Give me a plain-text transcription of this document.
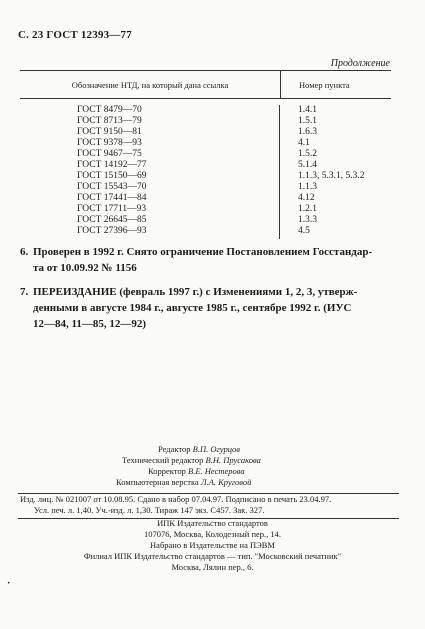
С. 23 ГОСТ 12393—77
Продолжение
Обозначение НТД, на который дана ссылка	Номер пункта
ГОСТ 8479—70
ГОСТ 8713—79
ГОСТ 9150—81
ГОСТ 9378—93
ГОСТ 9467—75
ГОСТ 14192—77
ГОСТ 15150—69
ГОСТ 15543—70
ГОСТ 17441—84
ГОСТ 17711—93
ГОСТ 26645—85
ГОСТ 27396—93
1.4.1
1.5.1
1.6.3
4.1
1.5.2
5.1.4
1.1.3, 5.3.1, 5.3.2
1.1.3
4.12
1.2.1
1.3.3
4.5
6. Проверен в 1992 г. Снято ограничение Постановлением Госстандар-
та от 10.09.92 № 1156
7. ПЕРЕИЗДАНИЕ (февраль 1997 г.) с Изменениями 1, 2, 3, утверж-
денными в августе 1984 г., августе 1985 г., сентябре 1992 г. (ИУС
12—84, 11—85, 12—92)
Редактор В.П. Огурцов
Технический редактор В.Н. Прусакова
Корректор В.Е. Нестерова
Компьютерная верстка Л.А. Круговой
Изд. лиц. № 021007 от 10.08.95. Сдано в набор 07.04.97. Подписано в печать 23.04.97.
Усл. печ. л. 1,40. Уч.-изд. л. 1,30. Тираж 147 экз. С457. Зак. 327.
ИПК Издательство стандартов
107076, Москва, Колодезный пер., 14.
Набрано в Издательстве на ПЭВМ
Филиал ИПК Издательство стандартов — тип. "Московский печатник"
Москва, Лялин пер., 6.
·
